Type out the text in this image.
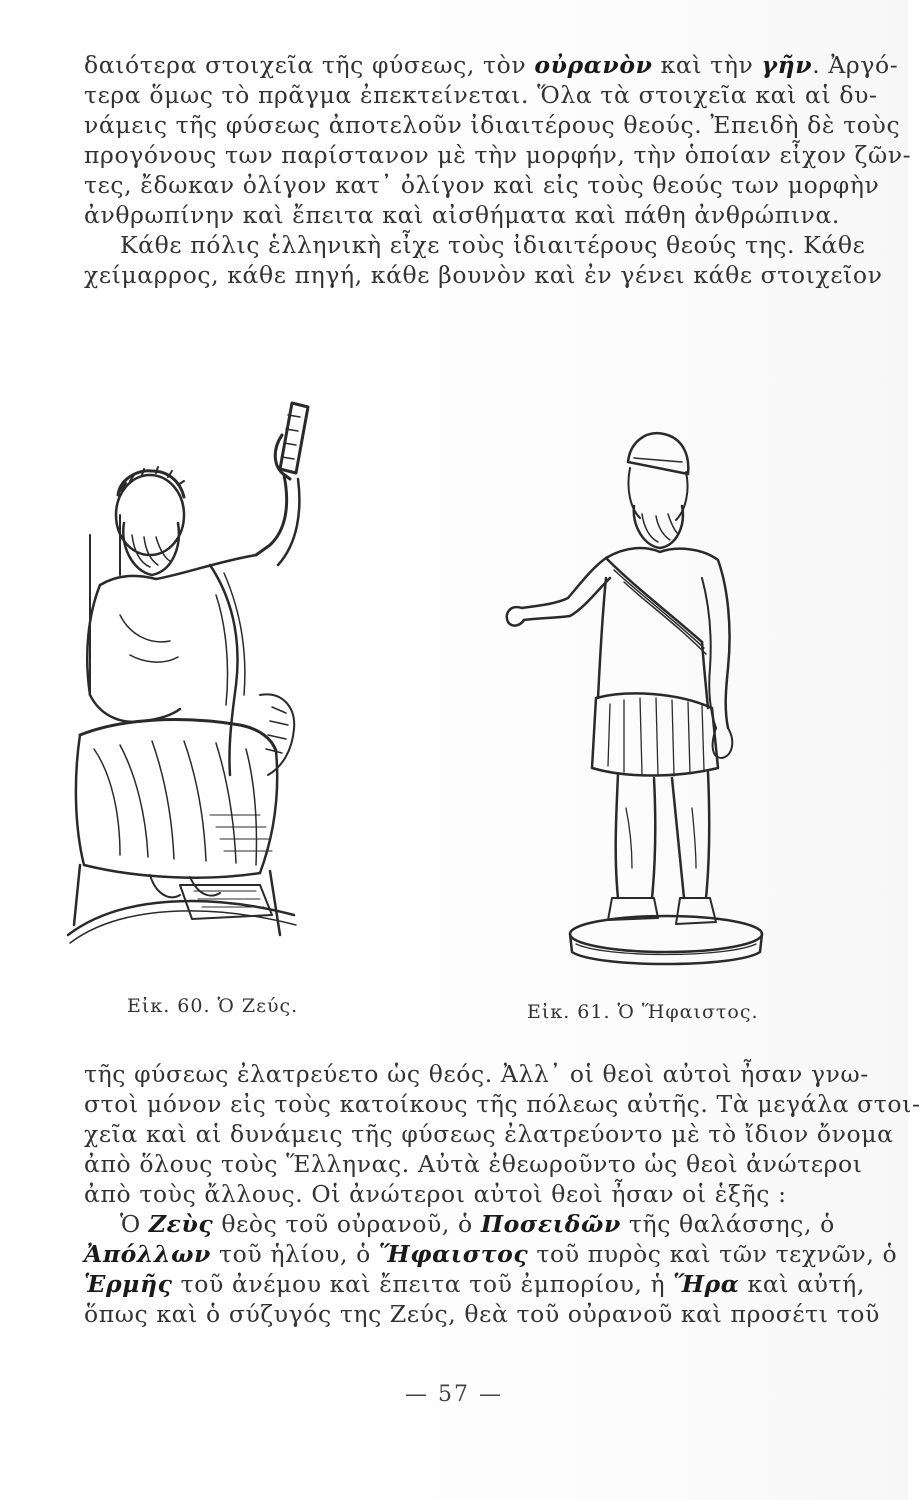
δαιότερα στοιχεῖα τῆς φύσεως, τὸν οὐρανὸν καὶ τὴν γῆν. Ἀργό-
τερα ὅμως τὸ πρᾶγμα ἐπεκτείνεται. Ὅλα τὰ στοιχεῖα καὶ αἱ δυ-
νάμεις τῆς φύσεως ἀποτελοῦν ἰδιαιτέρους θεούς. Ἐπειδὴ δὲ τοὺς
προγόνους των παρίστανον μὲ τὴν μορφήν, τὴν ὁποίαν εἶχον ζῶν-
τες, ἔδωκαν ὀλίγον κατ᾽ ὀλίγον καὶ εἰς τοὺς θεούς των μορφὴν
ἀνθρωπίνην καὶ ἔπειτα καὶ αἰσθήματα καὶ πάθη ἀνθρώπινα.
Κάθε πόλις ἑλληνικὴ εἶχε τοὺς ἰδιαιτέρους θεούς της. Κάθε
χείμαρρος, κάθε πηγή, κάθε βουνὸν καὶ ἐν γένει κάθε στοιχεῖον
Εἰκ. 60. Ὁ Ζεύς.	Εἰκ. 61. Ὁ Ἥφαιστος.
τῆς φύσεως ἐλατρεύετο ὡς θεός. Ἀλλ᾽ οἱ θεοὶ αὐτοὶ ἦσαν γνω-
στοὶ μόνον εἰς τοὺς κατοίκους τῆς πόλεως αὐτῆς. Τὰ μεγάλα στοι-
χεῖα καὶ αἱ δυνάμεις τῆς φύσεως ἐλατρεύοντο μὲ τὸ ἴδιον ὄνομα
ἀπὸ ὅλους τοὺς Ἕλληνας. Αὐτὰ ἐθεωροῦντο ὡς θεοὶ ἀνώτεροι
ἀπὸ τοὺς ἄλλους. Οἱ ἀνώτεροι αὐτοὶ θεοὶ ἦσαν οἱ ἑξῆς :
Ὁ Ζεὺς θεὸς τοῦ οὐρανοῦ, ὁ Ποσειδῶν τῆς θαλάσσης, ὁ
Ἀπόλλων τοῦ ἡλίου, ὁ Ἥφαιστος τοῦ πυρὸς καὶ τῶν τεχνῶν, ὁ
Ἑρμῆς τοῦ ἀνέμου καὶ ἔπειτα τοῦ ἐμπορίου, ἡ Ἥρα καὶ αὐτή,
ὅπως καὶ ὁ σύζυγός της Ζεύς, θεὰ τοῦ οὐρανοῦ καὶ προσέτι τοῦ
— 57 —
